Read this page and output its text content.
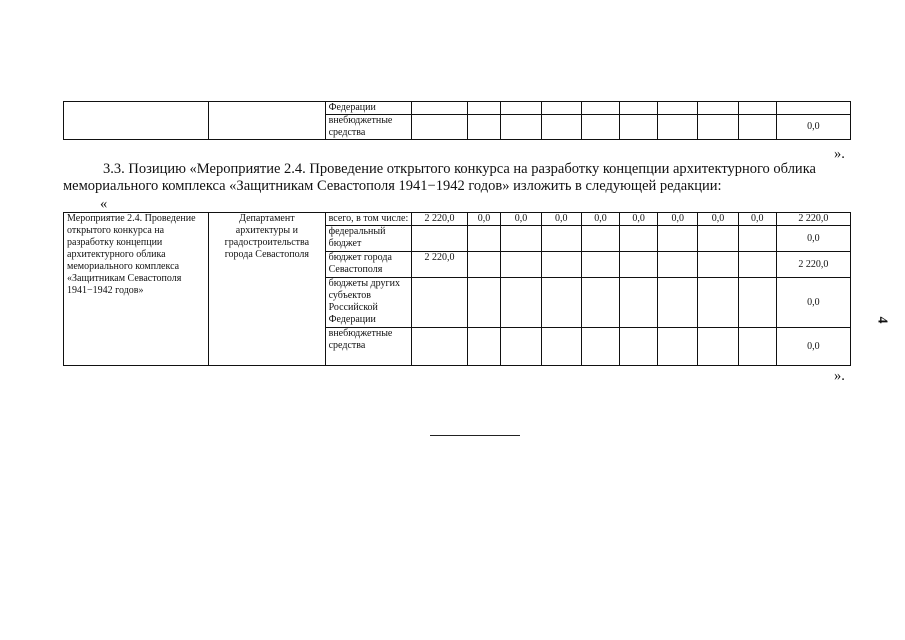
		Федерации										
		внебюджетные средства										0,0
».
3.3. Позицию «Мероприятие 2.4. Проведение открытого конкурса на разработку концепции архитектурного облика
мемориального комплекса «Защитникам Севастополя 1941−1942 годов» изложить в следующей редакции:
«
Мероприятие 2.4. Проведение открытого конкурса на разработку концепции архитектурного облика мемориального комплекса «Защитникам Севастополя 1941−1942 годов»	Департамент архитектуры и градостроительства города Севастополя	всего, в том числе:	2 220,0	0,0	0,0	0,0	0,0	0,0	0,0	0,0	0,0	2 220,0
		федеральный бюджет										0,0
		бюджет города Севастополя	2 220,0									2 220,0
		бюджеты других субъектов Российской Федерации										0,0
		внебюджетные средства										0,0
».
4
